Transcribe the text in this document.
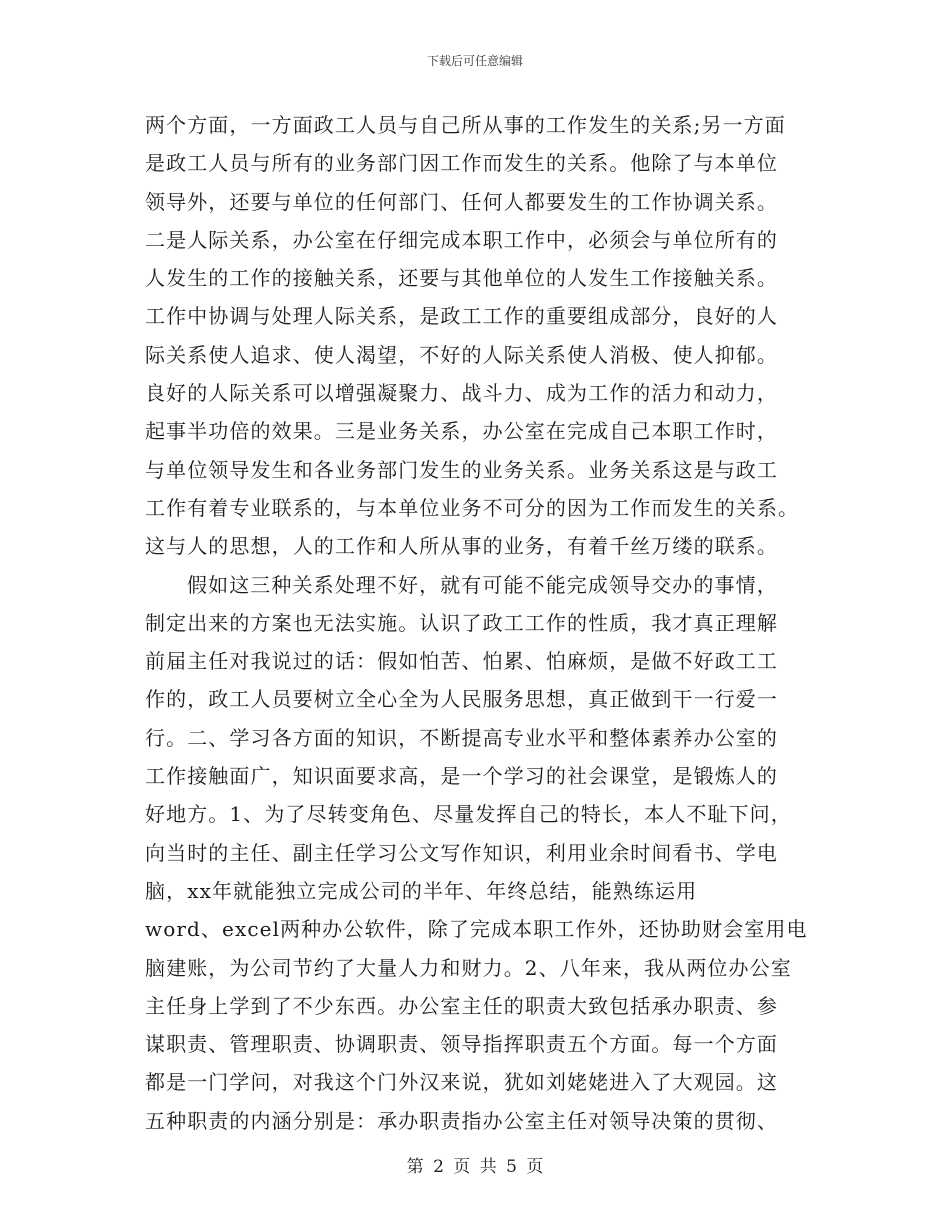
下载后可任意编辑
两个方面，一方面政工人员与自己所从事的工作发生的关系;另一方面
是政工人员与所有的业务部门因工作而发生的关系。他除了与本单位
领导外，还要与单位的任何部门、任何人都要发生的工作协调关系。
二是人际关系，办公室在仔细完成本职工作中，必须会与单位所有的
人发生的工作的接触关系，还要与其他单位的人发生工作接触关系。
工作中协调与处理人际关系，是政工工作的重要组成部分，良好的人
际关系使人追求、使人渴望，不好的人际关系使人消极、使人抑郁。
良好的人际关系可以增强凝聚力、战斗力、成为工作的活力和动力，
起事半功倍的效果。三是业务关系，办公室在完成自己本职工作时，
与单位领导发生和各业务部门发生的业务关系。业务关系这是与政工
工作有着专业联系的，与本单位业务不可分的因为工作而发生的关系。
这与人的思想，人的工作和人所从事的业务，有着千丝万缕的联系。
假如这三种关系处理不好，就有可能不能完成领导交办的事情，
制定出来的方案也无法实施。认识了政工工作的性质，我才真正理解
前届主任对我说过的话：假如怕苦、怕累、怕麻烦，是做不好政工工
作的，政工人员要树立全心全为人民服务思想，真正做到干一行爱一
行。二、学习各方面的知识，不断提高专业水平和整体素养办公室的
工作接触面广，知识面要求高，是一个学习的社会课堂，是锻炼人的
好地方。1、为了尽转变角色、尽量发挥自己的特长，本人不耻下问，
向当时的主任、副主任学习公文写作知识，利用业余时间看书、学电
脑，xx年就能独立完成公司的半年、年终总结，能熟练运用
word、excel两种办公软件，除了完成本职工作外，还协助财会室用电
脑建账，为公司节约了大量人力和财力。2、八年来，我从两位办公室
主任身上学到了不少东西。办公室主任的职责大致包括承办职责、参
谋职责、管理职责、协调职责、领导指挥职责五个方面。每一个方面
都是一门学问，对我这个门外汉来说，犹如刘姥姥进入了大观园。这
五种职责的内涵分别是：承办职责指办公室主任对领导决策的贯彻、
第 2 页 共 5 页
